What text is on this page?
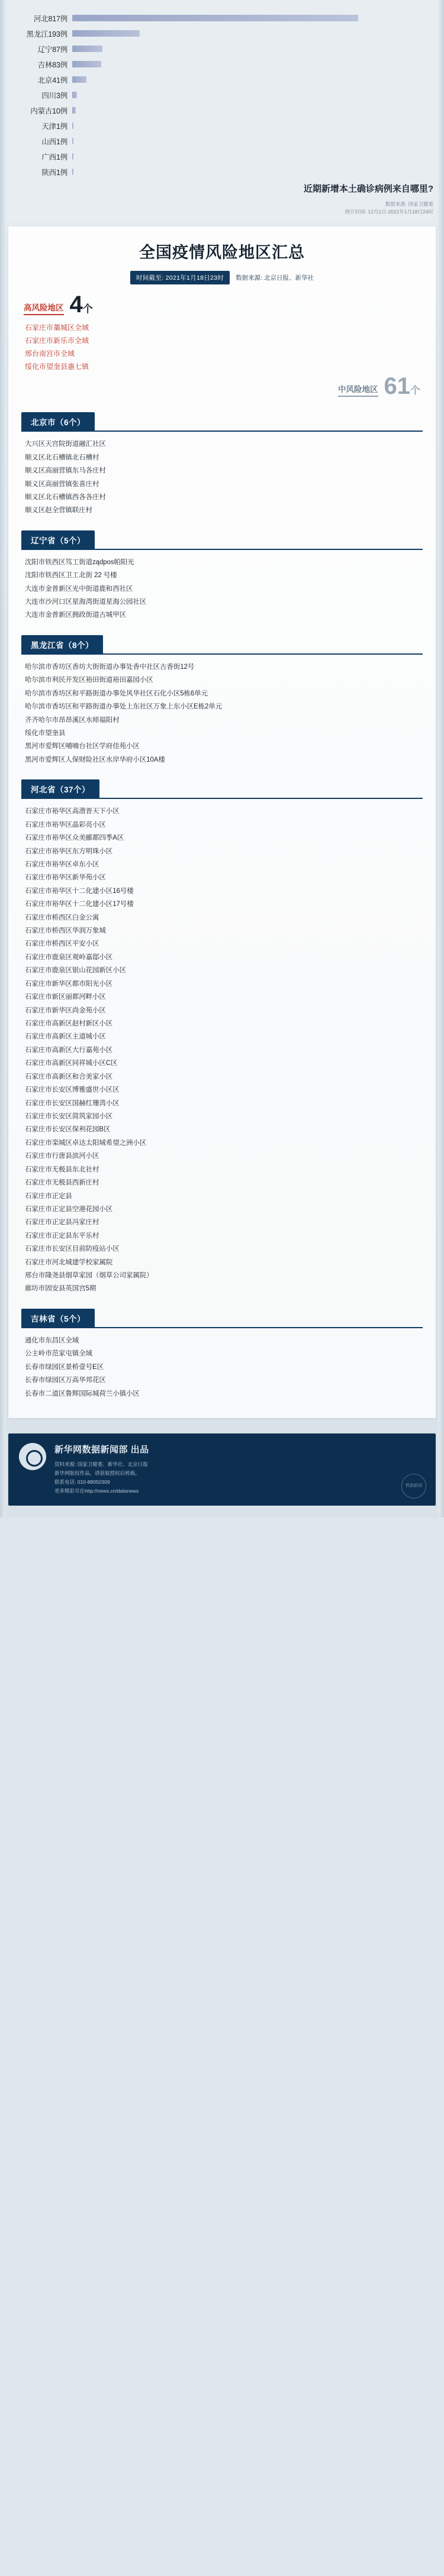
河北817例
黑龙江193例
辽宁87例
吉林83例
北京41例
四川3例
内蒙古10例
天津1例
山西1例
广西1例
陕西1例
近期新增本土确诊病例来自哪里?
数据来源: 国家卫健委
统计时间: 12月1日-2021年1月18日24时
全国疫情风险地区汇总
时间截至: 2021年1月18日23时	数据来源: 北京日报、新华社
高风险地区 4个
石家庄市藁城区全域
石家庄市新乐市全域
邢台南宫市全域
绥化市望奎县惠七镇
中风险地区 61个
北京市（6个）
大兴区天宫院街道融汇社区
顺义区北石槽镇北石槽村
顺义区高丽营镇东马各庄村
顺义区高丽营镇张喜庄村
顺义区北石槽镇西各各庄村
顺义区赵全营镇联庄村
辽宁省（5个）
沈阳市铁西区笃工街道ządpos帕阳光
沈阳市铁西区卫工北街 22 号楼
大连市金普新区光中街道鹿和西社区
大连市沙河口区星海湾街道星海公园社区
大连市金普新区拥政街道古城甲区
黑龙江省（8个）
哈尔滨市香坊区香坊大街街道办事处香中社区古香街12号
哈尔滨市利民开发区裕田街道裕田嘉园小区
哈尔滨市香坊区和平路街道办事处风华社区石化小区5栋6单元
哈尔滨市香坊区和平路街道办事处上东社区万象上东小区E栋2单元
齐齐哈尔市昂昂溪区水师福阳村
绥化市望奎县
黑河市爱辉区哺喃台社区学府佳苑小区
黑河市爱辉区人保财险社区水岸华府小区10A楼
河北省（37个）
石家庄市裕华区高潜普天下小区
石家庄市裕华区晶彩亮小区
石家庄市裕华区众美郦都四季A区
石家庄市裕华区东方明珠小区
石家庄市裕华区卓东小区
石家庄市裕华区新华苑小区
石家庄市裕华区十二化建小区16号楼
石家庄市裕华区十二化建小区17号楼
石家庄市桥西区白金公寓
石家庄市桥西区华润万象城
石家庄市桥西区平安小区
石家庄市鹿泉区观岭嘉邸小区
石家庄市鹿泉区银山花园新区小区
石家庄市新华区都市阳光小区
石家庄市新区丽都河畔小区
石家庄市新华区尚金苑小区
石家庄市高新区赵村新区小区
石家庄市高新区主道城小区
石家庄市高新区大行嘉苑小区
石家庄市高新区同祥城小区C区
石家庄市高新区和合美家小区
石家庄市长安区博雅盛世小区区
石家庄市长安区国赫红珊湾小区
石家庄市长安区简筑家园小区
石家庄市长安区保利花园B区
石家庄市栾城区卓达太阳城希望之洲小区
石家庄市行唐县滨河小区
石家庄市无极县东北社村
石家庄市无极县西新庄村
石家庄市正定县
石家庄市正定县空港花园小区
石家庄市正定县冯家庄村
石家庄市正定县东平乐村
石家庄市长安区目前防疫站小区
石家庄市河北城建学校家属院
邢台市隆尧县烟草家园（烟草公司家属院）
廊坊市固安县英国宫5期
吉林省（5个）
通化市东昌区全域
公主岭市范家屯镇全域
长春市绿园区景桥壹号E区
长春市绿园区万高华邦花区
长春市二道区鲁辉国际城荷兰小镇小区
新华网数据新闻部 出品

资料来源: 国家卫健委、新华社、北京日报

新华网版权作品，请获取授权后转载。

联系电话: 010-88050309

更多精彩尽在http://news.cn/datanews

数据新闻
